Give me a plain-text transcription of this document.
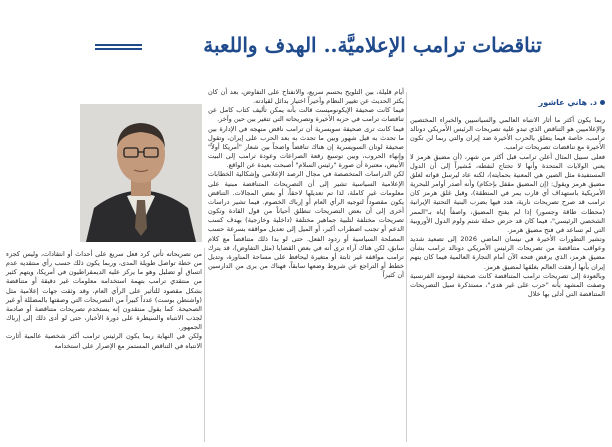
تناقضات ترامب الإعلاميَّة.. الهدف واللعبة
د. هاني عاشور

ربما يكون أكثر ما أثار الانتباه العالمي والسياسيين والخبراء المختصين والإعلاميين هو التناقض الذي تبدو عليه تصريحات الرئيس الأمريكي دونالد ترامب، خاصة فيما يتعلق بالحرب الأخيرة ضد إيران والتي ربما لن تكون الأخيرة مع تناقضات تصريحات ترامب.

فعلى سبيل المثال أعلن ترامب قبل أكثر من شهر، (أن مضيق هرمز لا يعني الولايات المتحدة وأنها لا تحتاج لنفطه، مُشيراً إلى أن الدول المستفيدة مثل الصين هي المعنية بحمايته)، لكنه عاد ليرسل قواته لغلق مضيق هرمز ويقول: (إن المضيق مقفل بإحكام) وأنه أصدر أوامر للبحرية الأمريكية باستهداف أي قارب يمر في المنطقة)، وقبل غلق هرمز كان ترامب قد صرح تصريحات نارية، هدد فيها بضرب البنية التحتية الإيرانية (محطات طاقة وجسور) إذا لم يفتح المضيق، واصفاً إياه بـ"الممر الشخصي الرئيسي"، فيما كان قد حرض حملة شتم ولوم الدول الأوروبية التي لم تساعد في فتح مضيق هرمز.

وتشير التطورات الأخيرة في نيسان الماضي 2026 إلى تصعيد شديد وعواقب متناقضة من تصريحات الرئيس الأمريكي دونالد ترامب بشأن مضيق هرمز، الذي يرفض فتحه الآن أمام التجارة العالمية فيما كان يتهم إيران بأنها أرهقت العالم بغلقها لمضيق هرمز.

وبالعودة إلى تصريحات ترامب المتناقضة كانت صحيفة لوموند الفرنسية وصفت المشهد بأنه "حرب على غير هدى"، مستذكرة سيل التصريحات المتناقضة التي أدلى بها خلال

أيام قليلة، بين التلويح بحسم سريع، والانفتاح على التفاوض، بعد أن كان يكثر الحديث عن تغيير النظام وأخيراً اختيار بدائل لقيادته.

فيما كانت صحيفة الإيكونوميست قالت بأنه يمكن تأليف كتاب كامل عن تناقضات ترامب في حربه الأخيرة وتصريحاته التي تتغير بين حين وآخر.

فيما كانت ترى صحيفة سويسرية أن ترامب ناقض منهجه في الإدارة بين ما تحدث به قبل شهور وبين ما تحدث به بعد الحرب على إيران، وتقول صحيفة لوتان السويسرية إن هناك تناقضاً واضحاً بين شعار "أمريكا أولاً" وإنهاء الحروب، وبين توسيع رقعة الصراعات وعودة ترامب إلى البيت الأبيض، معتبرة أن صورة "رئيس السلام" أصبحت بعيدة عن الواقع.

لكن الدراسات المتخصصة في مجال الرصد الإعلامي وإشكالية الخطابات الإعلامية السياسية تشير إلى أن التصريحات المتناقضة مبنية على معلومات غير كاملة، لذا تم تعديلها لاحقاً، أو بعض المجالات. التناقض يكون مقصوداً لتوجيه الرأي العام أو إرباك الخصوم. فيما تشير دراسات أخرى إلى أن بعض التصريحات تنطلق أحياناً من قول القادة وتكون تصريحات مختلفة لتلبية جماهير مختلفة (داخلية وخارجية) بهدف كسب الدعم أو تجنب اضطراب أكبر، أو الميل إلى تعديل مواقفه بسرعة حسب المصلحة السياسية أو ردود الفعل. حتى لو بدا ذلك متناقضاً مع كلام سابق، لكن هناك آراء ترى أنه في بعض القضايا (مثل التفاوض)، قد يترك ترامب مواقفه غير ثابتة أو متغيرة ليحافظ على مساحة المناورة، وتديل خطط أو التراجع عن شروط وضعها سابقاً، فهناك من يرى من الدارسين أن كثيراً

من تصريحاته تأتي كرد فعل سريع على أحداث أو انتقادات، وليس كجزء من خطة تواصل طويلة المدى، وربما يكون ذلك حسب رأي منتقديه عدم اتساق أو تضليل وهو ما يركز عليه الديمقراطيون في أمريكا، ويتهم كثير من منتقدي ترامب بتهمة استخدامه معلومات غير دقيقة أو متناقضة بشكل مقصود للتأثير على الرأي العام، وقد وثقت جهات إعلامية مثل (واشنطن بوست) عدداً كبيراً من التصريحات التي وصفتها بالمضللة أو غير الصحيحة. كما يقول منتقدون إنه يستخدم تصريحات متناقضة أو صادمة لجذب الانتباه والسيطرة على دورة الأخبار، حتى لو أدى ذلك إلى إرباك الجمهور.

ولكن في النهاية ربما يكون الرئيس ترامب أكثر شخصية عالمية أثارت الانتباه في التناقض المستمر مع الإصرار على استخدامه
